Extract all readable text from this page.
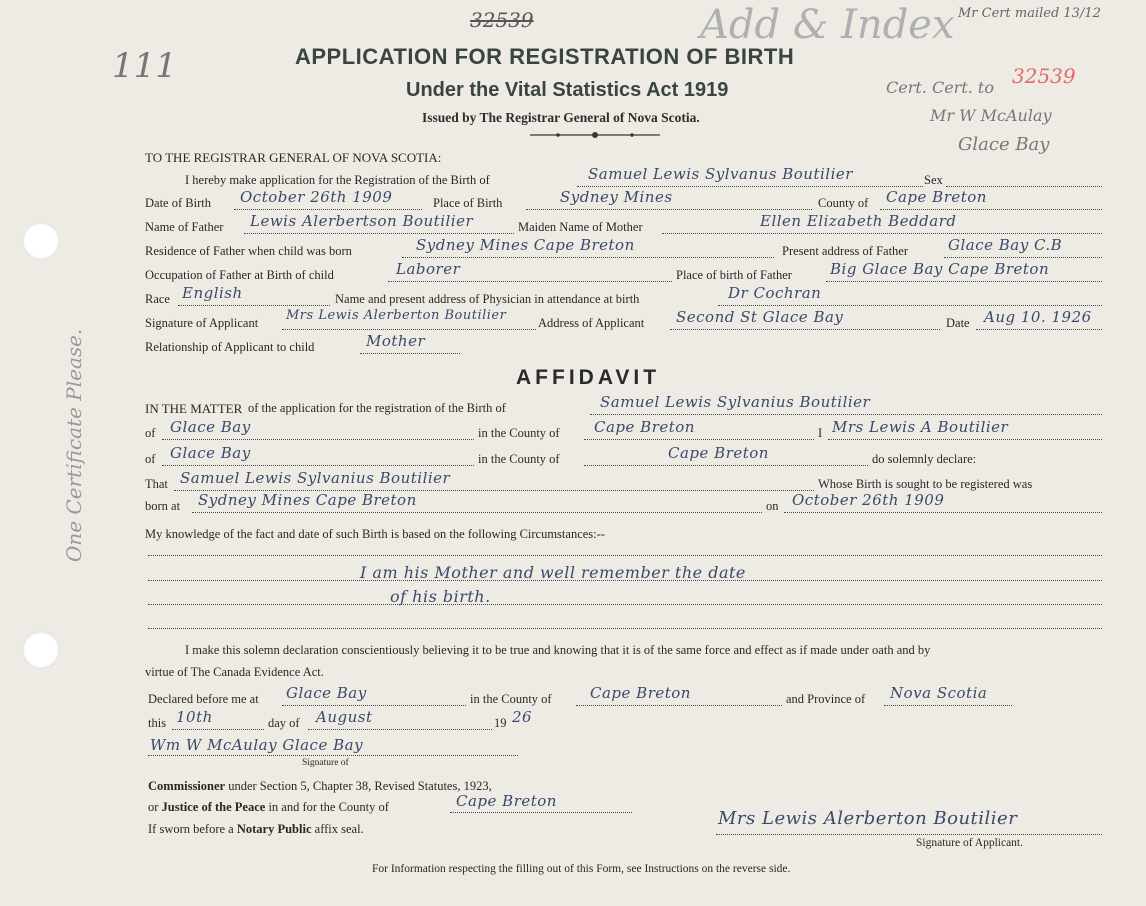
111
32539	Add & Index Mr Cert mailed 13/12
32539
Cert. Cert. to
Mr W McAulay
Glace Bay
One Certificate Please.
APPLICATION FOR REGISTRATION OF BIRTH
Under the Vital Statistics Act 1919
Issued by The Registrar General of Nova Scotia.
TO THE REGISTRAR GENERAL OF NOVA SCOTIA:
I hereby make application for the Registration of the Birth of	Samuel Lewis Sylvanus Boutilier	Sex
Date of Birth October 26th 1909	Place of Birth	Sydney Mines	County of Cape Breton
Name of Father Lewis Alerbertson Boutilier	Maiden Name of Mother	Ellen Elizabeth Beddard
Residence of Father when child was born	Sydney Mines Cape Breton	Present address of Father	Glace Bay C.B
Occupation of Father at Birth of child	Laborer	Place of birth of Father	Big Glace Bay Cape Breton
Race English	Name and present address of Physician in attendance at birth	Dr Cochran
Signature of Applicant Mrs Lewis Alerberton Boutilier	Address of Applicant Second St Glace Bay	Date Aug 10. 1926
Relationship of Applicant to child	Mother
AFFIDAVIT
IN THE MATTER of the application for the registration of the Birth of	Samuel Lewis Sylvanius Boutilier
of Glace Bay	in the County of Cape Breton	I Mrs Lewis A Boutilier
of Glace Bay	in the County of	Cape Breton	do solemnly declare:
That Samuel Lewis Sylvanius Boutilier	Whose Birth is sought to be registered was
born at Sydney Mines Cape Breton	on October 26th 1909
My knowledge of the fact and date of such Birth is based on the following Circumstances:--
I am his Mother and well remember the date
of his birth.
I make this solemn declaration conscientiously believing it to be true and knowing that it is of the same force and effect as if made under oath and by
virtue of The Canada Evidence Act.
Declared before me at Glace Bay	in the County of	Cape Breton	and Province of Nova Scotia
this 10th	day of August	19 26
Wm W McAulay Glace Bay
Signature of
Commissioner under Section 5, Chapter 38, Revised Statutes, 1923,
or Justice of the Peace in and for the County of	Cape Breton
If sworn before a Notary Public affix seal.	Mrs Lewis Alerberton Boutilier
Signature of Applicant.
For Information respecting the filling out of this Form, see Instructions on the reverse side.
